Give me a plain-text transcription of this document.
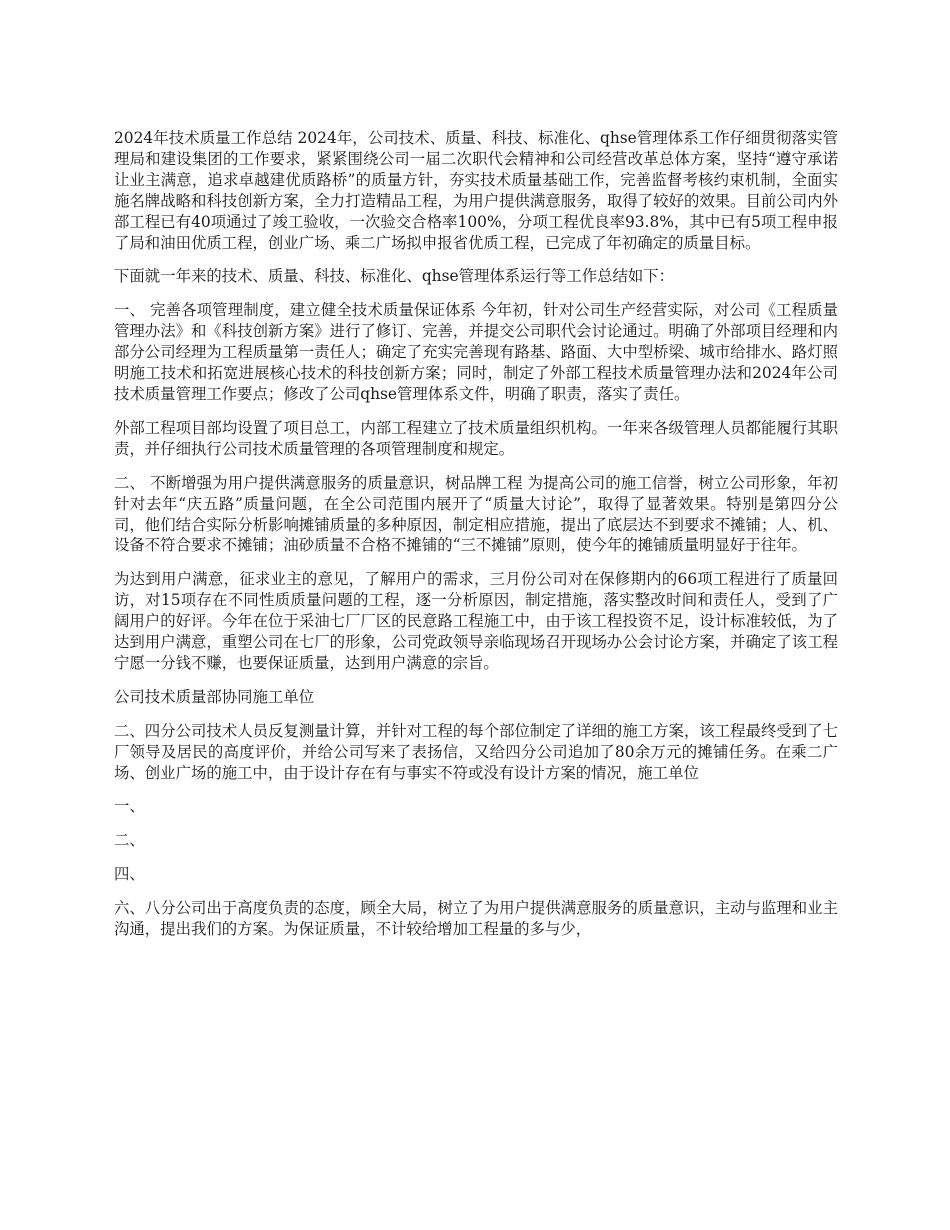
2024年技术质量工作总结 2024年，公司技术、质量、科技、标准化、qhse管理体系工作仔细贯彻落实管理局和建设集团的工作要求，紧紧围绕公司一届二次职代会精神和公司经营改革总体方案，坚持“遵守承诺让业主满意，追求卓越建优质路桥”的质量方针，夯实技术质量基础工作，完善监督考核约束机制，全面实施名牌战略和科技创新方案，全力打造精品工程，为用户提供满意服务，取得了较好的效果。目前公司内外部工程已有40项通过了竣工验收，一次验交合格率100%，分项工程优良率93.8%，其中已有5项工程申报了局和油田优质工程，创业广场、乘二广场拟申报省优质工程，已完成了年初确定的质量目标。

下面就一年来的技术、质量、科技、标准化、qhse管理体系运行等工作总结如下：

一、 完善各项管理制度，建立健全技术质量保证体系 今年初，针对公司生产经营实际，对公司《工程质量管理办法》和《科技创新方案》进行了修订、完善，并提交公司职代会讨论通过。明确了外部项目经理和内部分公司经理为工程质量第一责任人；确定了充实完善现有路基、路面、大中型桥梁、城市给排水、路灯照明施工技术和拓宽进展核心技术的科技创新方案；同时，制定了外部工程技术质量管理办法和2024年公司技术质量管理工作要点；修改了公司qhse管理体系文件，明确了职责，落实了责任。

外部工程项目部均设置了项目总工，内部工程建立了技术质量组织机构。一年来各级管理人员都能履行其职责，并仔细执行公司技术质量管理的各项管理制度和规定。

二、 不断增强为用户提供满意服务的质量意识，树品牌工程 为提高公司的施工信誉，树立公司形象，年初针对去年“庆五路”质量问题，在全公司范围内展开了“质量大讨论”，取得了显著效果。特别是第四分公司，他们结合实际分析影响摊铺质量的多种原因，制定相应措施，提出了底层达不到要求不摊铺；人、机、设备不符合要求不摊铺；油砂质量不合格不摊铺的“三不摊铺”原则，使今年的摊铺质量明显好于往年。

为达到用户满意，征求业主的意见，了解用户的需求，三月份公司对在保修期内的66项工程进行了质量回访，对15项存在不同性质质量问题的工程，逐一分析原因，制定措施，落实整改时间和责任人，受到了广阔用户的好评。今年在位于采油七厂厂区的民意路工程施工中，由于该工程投资不足，设计标准较低，为了达到用户满意，重塑公司在七厂的形象，公司党政领导亲临现场召开现场办公会讨论方案，并确定了该工程宁愿一分钱不赚，也要保证质量，达到用户满意的宗旨。

公司技术质量部协同施工单位

二、四分公司技术人员反复测量计算，并针对工程的每个部位制定了详细的施工方案，该工程最终受到了七厂领导及居民的高度评价，并给公司写来了表扬信，又给四分公司追加了80余万元的摊铺任务。在乘二广场、创业广场的施工中，由于设计存在有与事实不符或没有设计方案的情况，施工单位

一、

二、

四、

六、八分公司出于高度负责的态度，顾全大局，树立了为用户提供满意服务的质量意识，主动与监理和业主沟通，提出我们的方案。为保证质量，不计较给增加工程量的多与少，
